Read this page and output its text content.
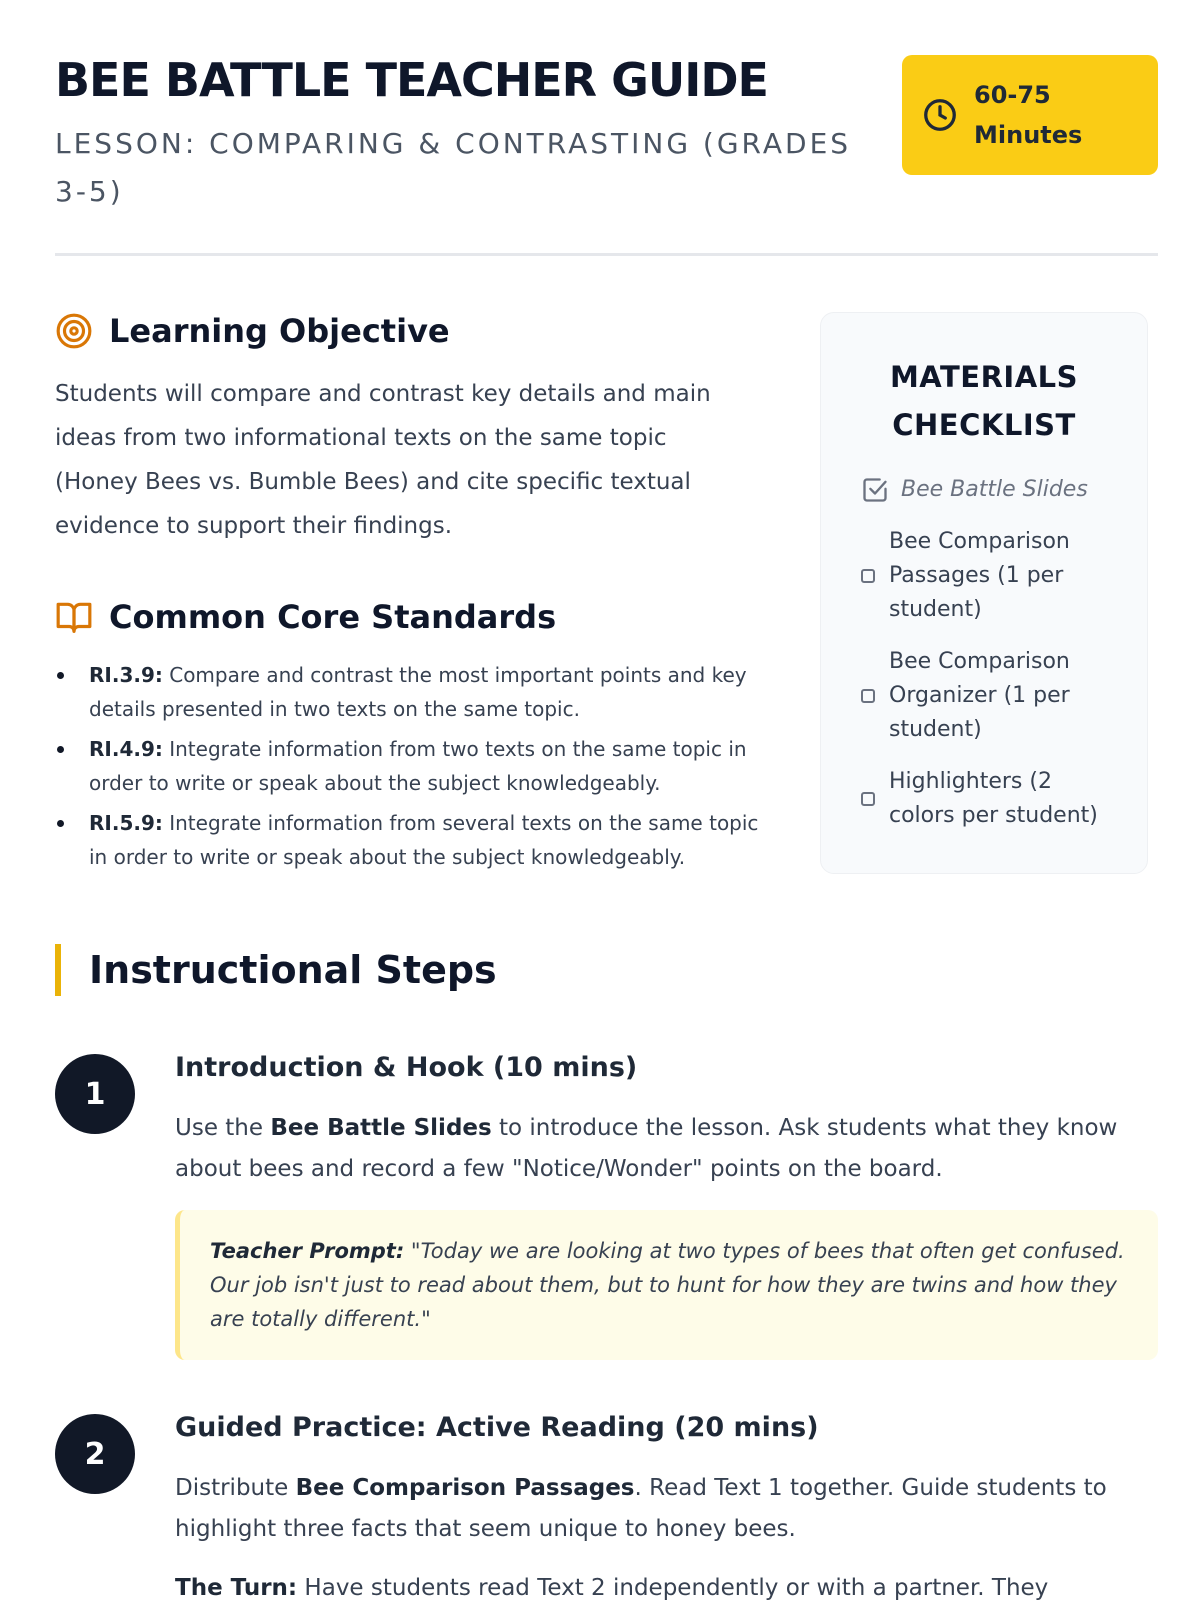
BEE BATTLE TEACHER GUIDE
LESSON: COMPARING & CONTRASTING (GRADES 3-5)
60-75 Minutes
Learning Objective

Students will compare and contrast key details and main ideas from two informational texts on the same topic (Honey Bees vs. Bumble Bees) and cite specific textual evidence to support their findings.

Common Core Standards
RI.3.9: Compare and contrast the most important points and key details presented in two texts on the same topic.
RI.4.9: Integrate information from two texts on the same topic in order to write or speak about the subject knowledgeably.
RI.5.9: Integrate information from several texts on the same topic in order to write or speak about the subject knowledgeably.
MATERIALS CHECKLIST
Bee Battle Slides
Bee Comparison Passages (1 per student)
Bee Comparison Organizer (1 per student)
Highlighters (2 colors per student)
Instructional Steps
1
Introduction & Hook (10 mins)

Use the Bee Battle Slides to introduce the lesson. Ask students what they know about bees and record a few "Notice/Wonder" points on the board.

Teacher Prompt: "Today we are looking at two types of bees that often get confused. Our job isn't just to read about them, but to hunt for how they are twins and how they are totally different."
2
Guided Practice: Active Reading (20 mins)

Distribute Bee Comparison Passages. Read Text 1 together. Guide students to highlight three facts that seem unique to honey bees.

The Turn: Have students read Text 2 independently or with a partner. They
